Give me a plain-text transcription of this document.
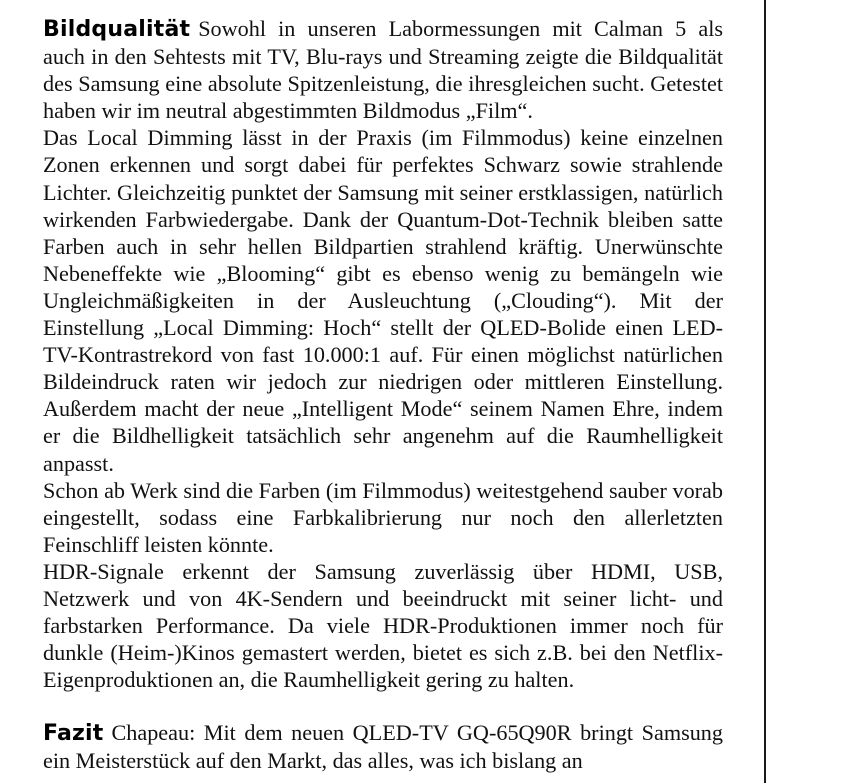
Bildqualität Sowohl in unseren Labormessungen mit Calman 5 als auch in den Sehtests mit TV, Blu-rays und Streaming zeigte die Bildqualität des Samsung eine absolute Spitzenleistung, die ihresgleichen sucht. Getestet haben wir im neutral abgestimmten Bildmodus „Film“.

Das Local Dimming lässt in der Praxis (im Filmmodus) keine einzelnen Zonen erkennen und sorgt dabei für perfektes Schwarz sowie strahlende Lichter. Gleichzeitig punktet der Samsung mit seiner erstklassigen, natürlich wirkenden Farbwiedergabe. Dank der Quantum-Dot-Technik bleiben satte Farben auch in sehr hellen Bildpartien strahlend kräftig. Unerwünschte Nebeneffekte wie „Blooming“ gibt es ebenso wenig zu bemängeln wie Ungleichmäßigkeiten in der Ausleuchtung („Clouding“). Mit der Einstellung „Local Dimming: Hoch“ stellt der QLED-Bolide einen LED-TV-Kontrastrekord von fast 10.000:1 auf. Für einen möglichst natürlichen Bildeindruck raten wir jedoch zur niedrigen oder mittleren Einstellung. Außerdem macht der neue „Intelligent Mode“ seinem Namen Ehre, indem er die Bildhelligkeit tatsächlich sehr angenehm auf die Raumhelligkeit anpasst.

Schon ab Werk sind die Farben (im Filmmodus) weitestgehend sauber vorab eingestellt, sodass eine Farbkalibrierung nur noch den allerletzten Feinschliff leisten könnte.

HDR-Signale erkennt der Samsung zuverlässig über HDMI, USB, Netzwerk und von 4K-Sendern und beeindruckt mit seiner licht- und farbstarken Performance. Da viele HDR-Produktionen immer noch für dunkle (Heim-)Kinos gemastert werden, bietet es sich z.B. bei den Netflix-Eigenproduktionen an, die Raumhelligkeit gering zu halten.

Fazit Chapeau: Mit dem neuen QLED-TV GQ-65Q90R bringt Samsung ein Meisterstück auf den Markt, das alles, was ich bislang an
